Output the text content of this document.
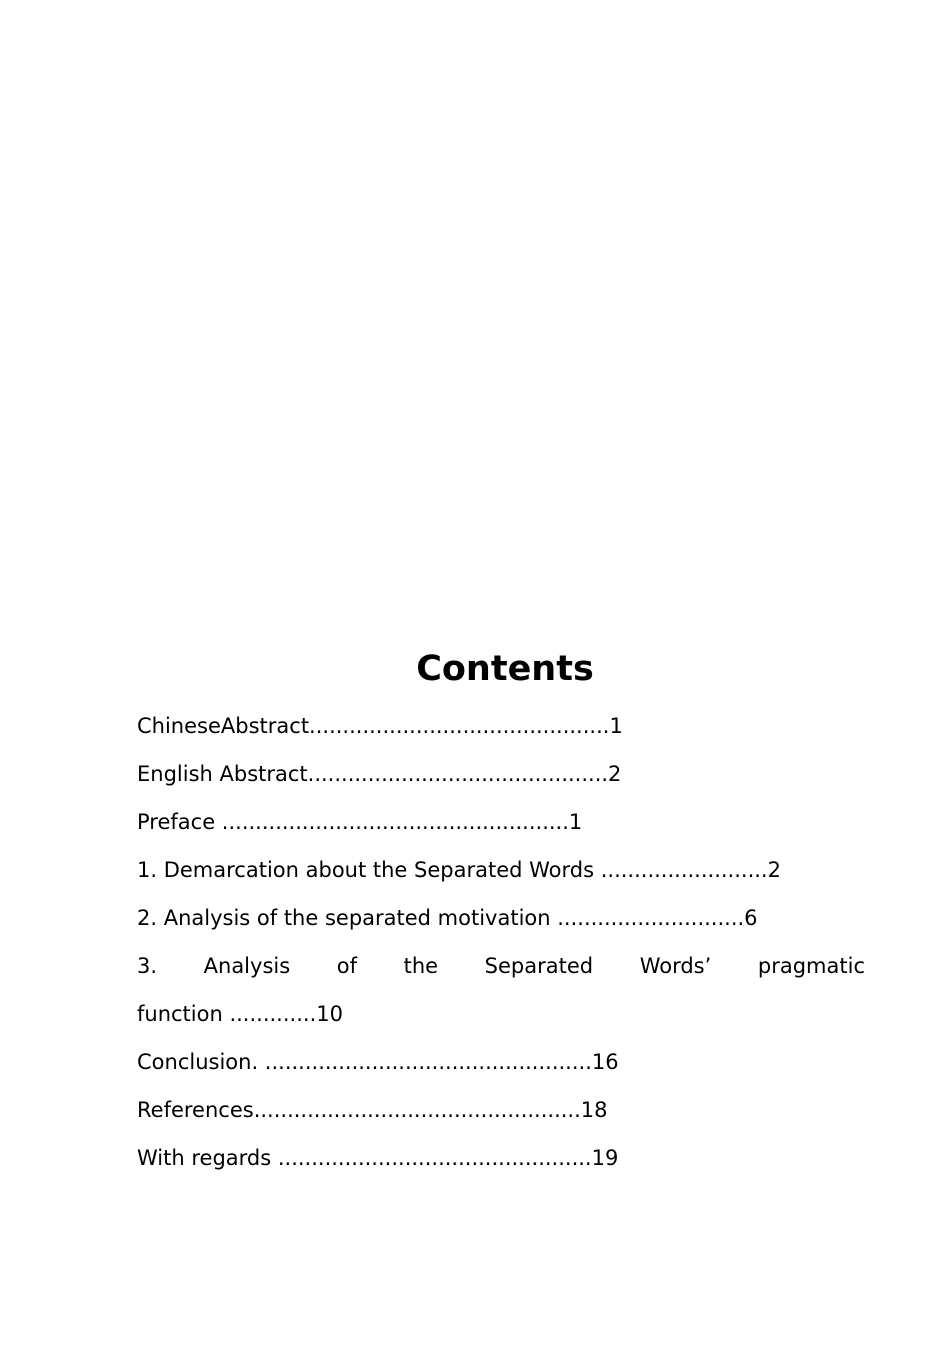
Contents
ChineseAbstract.............................................1
English Abstract.............................................2
Preface ....................................................1
1. Demarcation about the Separated Words .........................2
2. Analysis of the separated motivation ............................6
3. Analysis of the Separated Words’ pragmatic
function .............10
Conclusion. .................................................16
References.................................................18
With regards ...............................................19
